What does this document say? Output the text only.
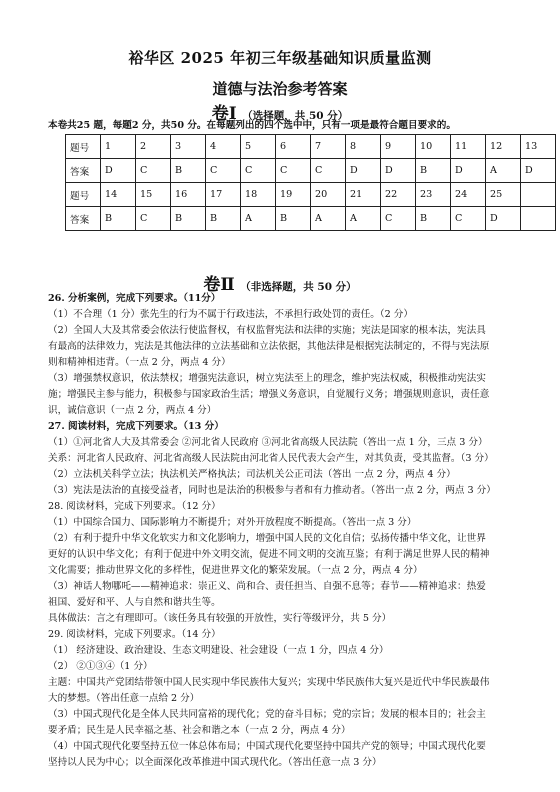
裕华区 2025 年初三年级基础知识质量监测
道德与法治参考答案
卷Ⅰ （选择题，共 50 分）
本卷共25 题，每题2 分，共50 分。在每题列出的四个选中中，只有一项是最符合题目要求的。
题号	1	2	3	4	5	6	7	8	9	10	11	12	13
答案	D	C	B	C	C	C	C	D	D	B	D	A	D
题号	14	15	16	17	18	19	20	21	22	23	24	25	
答案	B	C	B	B	A	B	A	A	C	B	C	D	
卷Ⅱ （非选择题，共 50 分）
26. 分析案例，完成下列要求。（11分）
（1）不合理（1 分）张先生的行为不属于行政违法，不承担行政处罚的责任。（2 分）
（2）全国人大及其常委会依法行使监督权，有权监督宪法和法律的实施；宪法是国家的根本法，宪法具
有最高的法律效力，宪法是其他法律的立法基础和立法依据，其他法律是根据宪法制定的，不得与宪法原
则和精神相违背。（一点 2 分，两点 4 分）
（3）增强禁权意识，依法禁权；增强宪法意识，树立宪法至上的理念，维护宪法权威，积极推动宪法实
施；增强民主参与能力，积极参与国家政治生活；增强义务意识，自觉履行义务；增强规则意识，责任意
识，诚信意识（一点 2 分，两点 4 分）
27. 阅读材料，完成下列要求。（13 分）
（1）①河北省人大及其常委会 ②河北省人民政府 ③河北省高级人民法院（答出一点 1 分，三点 3 分）
关系：河北省人民政府、河北省高级人民法院由河北省人民代表大会产生，对其负责，受其监督。（3 分）
（2）立法机关科学立法；执法机关严格执法；司法机关公正司法（答出 一点 2 分，两点 4 分）
（3）宪法是法治的直接受益者，同时也是法治的积极参与者和有力推动者。（答出一点 2 分，两点 3 分）
28. 阅读材料，完成下列要求。（12 分）
（1）中国综合国力、国际影响力不断提升；对外开放程度不断提高。（答出一点 3 分）
（2）有利于提升中华文化软实力和文化影响力，增强中国人民的文化自信；弘扬传播中华文化，让世界
更好的认识中华文化；有利于促进中外文明交流，促进不同文明的交流互鉴；有利于满足世界人民的精神
文化需要；推动世界文化的多样性，促进世界文化的繁荣发展。（一点 2 分，两点 4 分）
（3）神话人物哪吒——精神追求：崇正义、尚和合、责任担当、自强不息等；春节——精神追求：热爱
祖国、爱好和平、人与自然和谐共生等。
具体做法：言之有理即可。（该任务具有较强的开放性，实行等级评分，共 5 分）
29. 阅读材料，完成下列要求。（14 分）
（1） 经济建设、政治建设、生态文明建设、社会建设（一点 1 分，四点 4 分）
（2） ②①③④（1 分）
主题：中国共产党团结带领中国人民实现中华民族伟大复兴；实现中华民族伟大复兴是近代中华民族最伟
大的梦想。（答出任意一点给 2 分）
（3）中国式现代化是全体人民共同富裕的现代化；党的奋斗目标；党的宗旨；发展的根本目的；社会主
要矛盾；民生是人民幸福之基、社会和谐之本（一点 2 分，两点 4 分）
（4）中国式现代化要坚持五位一体总体布局；中国式现代化要坚持中国共产党的领导；中国式现代化要
坚持以人民为中心；以全面深化改革推进中国式现代化。（答出任意一点 3 分）
